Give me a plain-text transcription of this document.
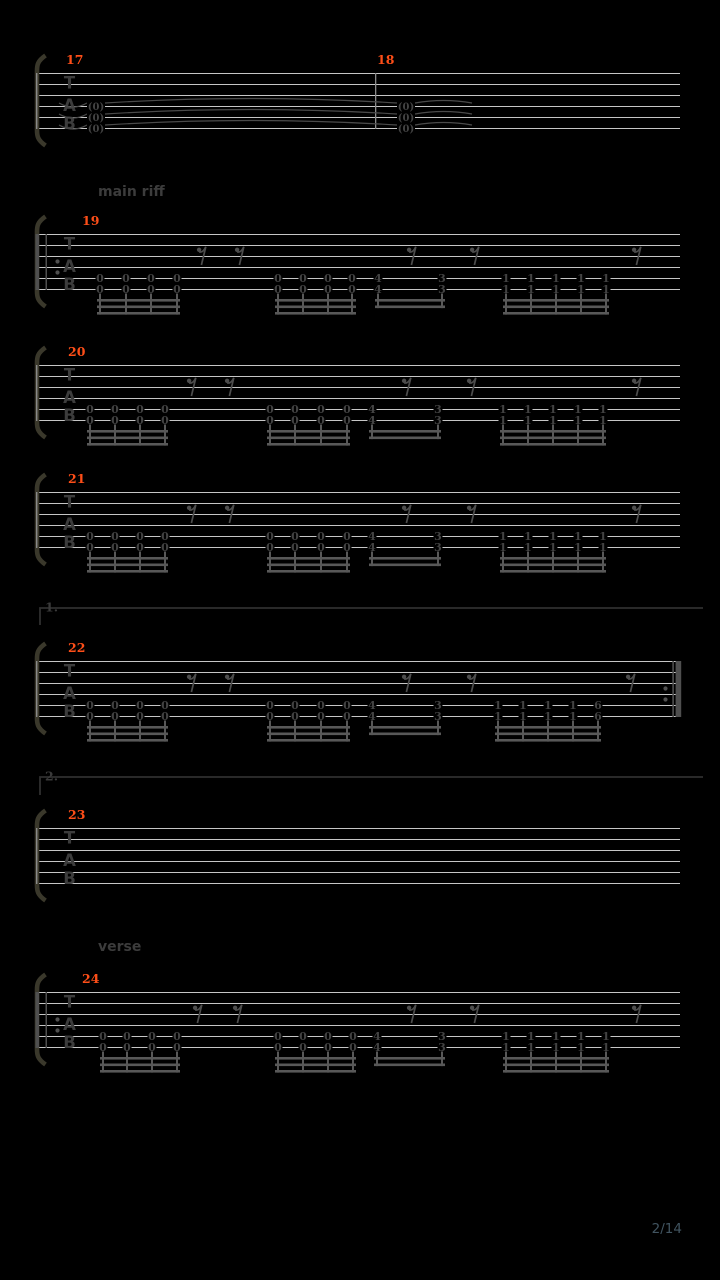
T
A
B
17	18
(0)
(0)
(0)
(0)
(0)
(0)
T
A
B
19
0
0
0
0
0
0
0
0
0
0
0
0
0
0
0
0
4
4
3
3
1
1
1
1
1
1
1
1
1
1
T
A
B
20
0
0
0
0
0
0
0
0
0
0
0
0
0
0
0
0
4
4
3
3
1
1
1
1
1
1
1
1
1
1
T
A
B
21
0
0
0
0
0
0
0
0
0
0
0
0
0
0
0
0
4
4
3
3
1
1
1
1
1
1
1
1
1
1
T
A
B
22
0
0
0
0
0
0
0
0
0
0
0
0
0
0
0
0
4
4
3
3
1
1
1
1
1
1
1
1
6
6
T
A
B
23
T
A
B
24
0
0
0
0
0
0
0
0
0
0
0
0
0
0
0
0
4
4
3
3
1
1
1
1
1
1
1
1
1
1
1.
2.
main riff
verse
2/14
